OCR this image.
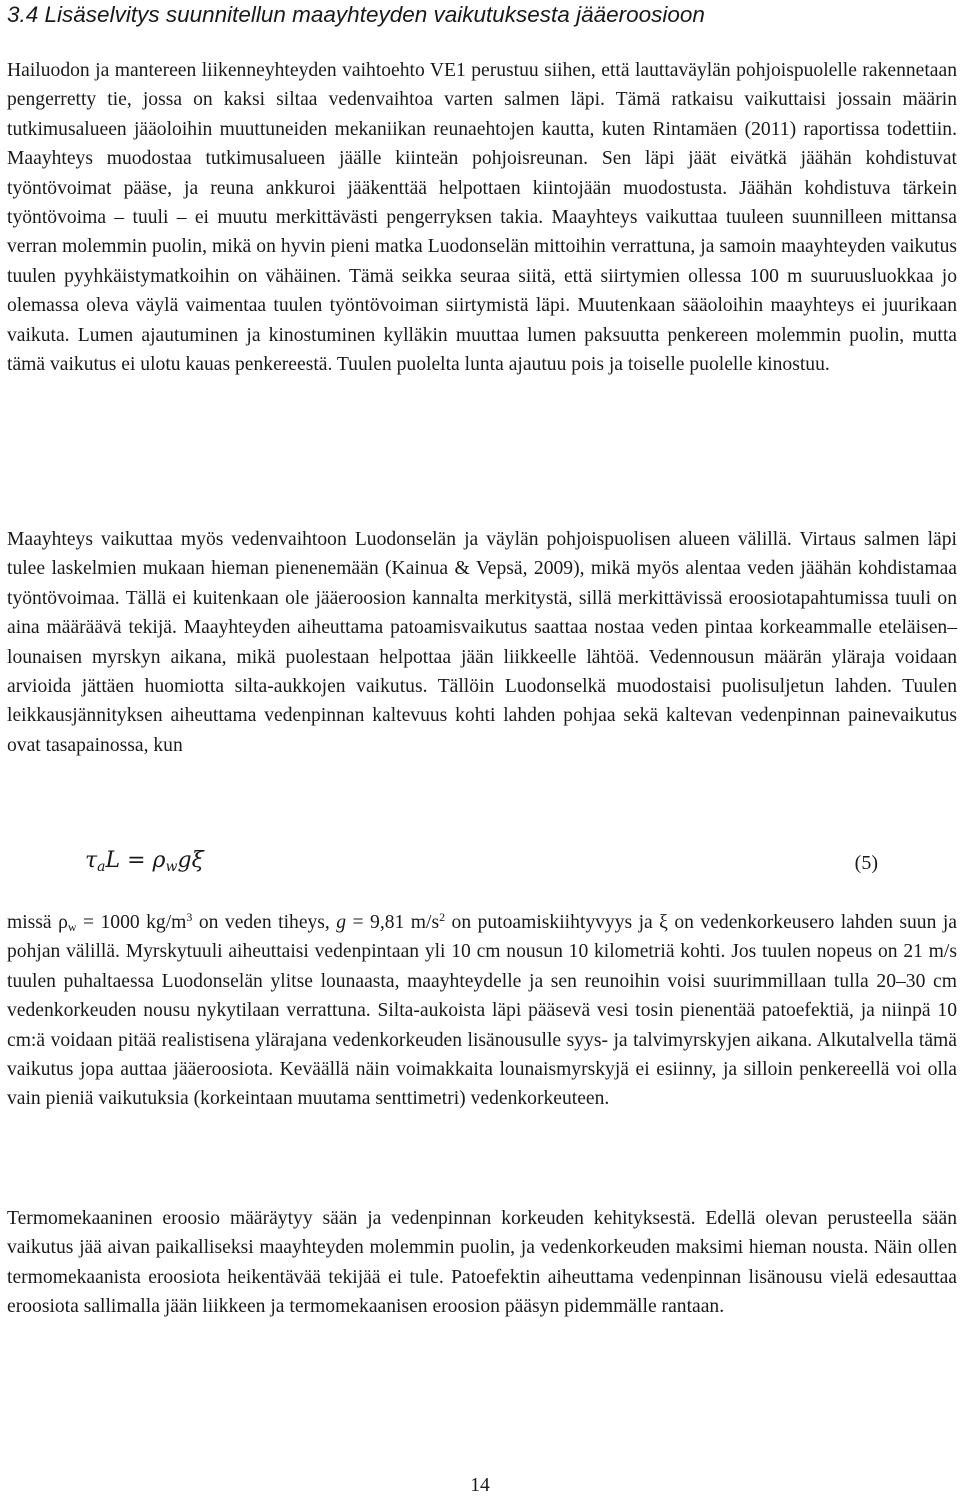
3.4 Lisäselvitys suunnitellun maayhteyden vaikutuksesta jääeroosioon

Hailuodon ja mantereen liikenneyhteyden vaihtoehto VE1 perustuu siihen, että lauttaväylän pohjoispuolelle rakennetaan pengerretty tie, jossa on kaksi siltaa vedenvaihtoa varten salmen läpi. Tämä ratkaisu vaikuttaisi jossain määrin tutkimusalueen jääoloihin muuttuneiden mekaniikan reunaehtojen kautta, kuten Rintamäen (2011) raportissa todettiin. Maayhteys muodostaa tutkimusalueen jäälle kiinteän pohjoisreunan. Sen läpi jäät eivätkä jäähän kohdistuvat työntövoimat pääse, ja reuna ankkuroi jääkenttää helpottaen kiintojään muodostusta. Jäähän kohdistuva tärkein työntövoima – tuuli – ei muutu merkittävästi pengerryksen takia. Maayhteys vaikuttaa tuuleen suunnilleen mittansa verran molemmin puolin, mikä on hyvin pieni matka Luodonselän mittoihin verrattuna, ja samoin maayhteyden vaikutus tuulen pyyhkäistymatkoihin on vähäinen. Tämä seikka seuraa siitä, että siirtymien ollessa 100 m suuruusluokkaa jo olemassa oleva väylä vaimentaa tuulen työntövoiman siirtymistä läpi. Muutenkaan sääoloihin maayhteys ei juurikaan vaikuta. Lumen ajautuminen ja kinostuminen kylläkin muuttaa lumen paksuutta penkereen molemmin puolin, mutta tämä vaikutus ei ulotu kauas penkereestä. Tuulen puolelta lunta ajautuu pois ja toiselle puolelle kinostuu.

Maayhteys vaikuttaa myös vedenvaihtoon Luodonselän ja väylän pohjoispuolisen alueen välillä. Virtaus salmen läpi tulee laskelmien mukaan hieman pienenemään (Kainua & Vepsä, 2009), mikä myös alentaa veden jäähän kohdistamaa työntövoimaa. Tällä ei kuitenkaan ole jääeroosion kannalta merkitystä, sillä merkittävissä eroosiotapahtumissa tuuli on aina määräävä tekijä. Maayhteyden aiheuttama patoamisvaikutus saattaa nostaa veden pintaa korkeammalle eteläisen–lounaisen myrskyn aikana, mikä puolestaan helpottaa jään liikkeelle lähtöä. Vedennousun määrän yläraja voidaan arvioida jättäen huomiotta silta-aukkojen vaikutus. Tällöin Luodonselkä muodostaisi puolisuljetun lahden. Tuulen leikkausjännityksen aiheuttama vedenpinnan kaltevuus kohti lahden pohjaa sekä kaltevan vedenpinnan painevaikutus ovat tasapainossa, kun

$\tau_aL = \rho_wg\xi$	(5)

missä $\rho_w = 1000$ $kg/m^3$ on veden tiheys, g = 9,81 $m/s^2$ on putoamiskiihtyvyys ja ξ on vedenkorkeusero lahden suun ja pohjan välillä. Myrskytuuli aiheuttaisi vedenpintaan yli 10 cm nousun 10 kilometriä kohti. Jos tuulen nopeus on 21 m/s tuulen puhaltaessa Luodonselän ylitse lounaasta, maayhteydelle ja sen reunoihin voisi suurimmillaan tulla 20–30 cm vedenkorkeuden nousu nykytilaan verrattuna. Silta-aukoista läpi pääsevä vesi tosin pienentää patoefektiä, ja niinpä 10 cm:ä voidaan pitää realistisena ylärajana vedenkorkeuden lisänousulle syys- ja talvimyrskyjen aikana. Alkutalvella tämä vaikutus jopa auttaa jääeroosiota. Keväällä näin voimakkaita lounaismyrskyjä ei esiinny, ja silloin penkereellä voi olla vain pieniä vaikutuksia (korkeintaan muutama senttimetri) vedenkorkeuteen.

Termomekaaninen eroosio määräytyy sään ja vedenpinnan korkeuden kehityksestä. Edellä olevan perusteella sään vaikutus jää aivan paikalliseksi maayhteyden molemmin puolin, ja vedenkorkeuden maksimi hieman nousta. Näin ollen termomekaanista eroosiota heikentävää tekijää ei tule. Patoefektin aiheuttama vedenpinnan lisänousu vielä edesauttaa eroosiota sallimalla jään liikkeen ja termomekaanisen eroosion pääsyn pidemmälle rantaan.

14
